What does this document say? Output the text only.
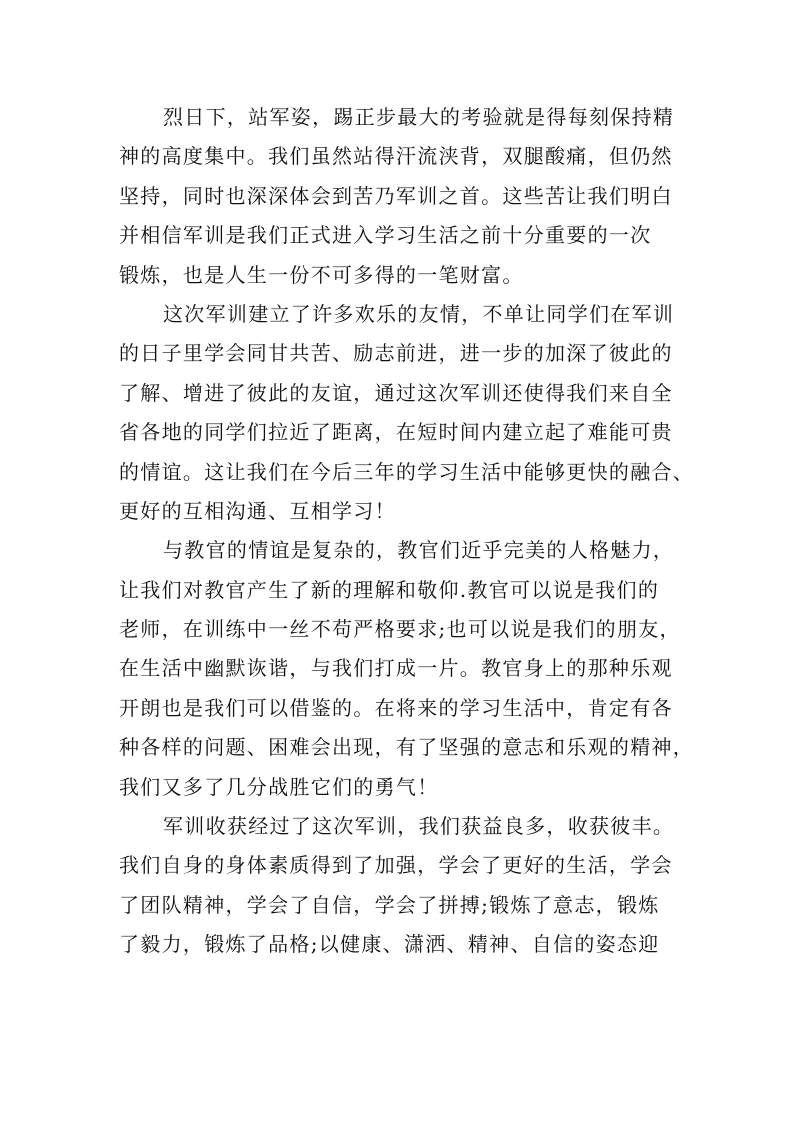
烈日下，站军姿，踢正步最大的考验就是得每刻保持精
神的高度集中。我们虽然站得汗流浃背，双腿酸痛，但仍然
坚持，同时也深深体会到苦乃军训之首。这些苦让我们明白
并相信军训是我们正式进入学习生活之前十分重要的一次
锻炼，也是人生一份不可多得的一笔财富。
这次军训建立了许多欢乐的友情，不单让同学们在军训
的日子里学会同甘共苦、励志前进，进一步的加深了彼此的
了解、增进了彼此的友谊，通过这次军训还使得我们来自全
省各地的同学们拉近了距离，在短时间内建立起了难能可贵
的情谊。这让我们在今后三年的学习生活中能够更快的融合、
更好的互相沟通、互相学习！
与教官的情谊是复杂的，教官们近乎完美的人格魅力，
让我们对教官产生了新的理解和敬仰.教官可以说是我们的
老师，在训练中一丝不苟严格要求;也可以说是我们的朋友，
在生活中幽默诙谐，与我们打成一片。教官身上的那种乐观
开朗也是我们可以借鉴的。在将来的学习生活中，肯定有各
种各样的问题、困难会出现，有了坚强的意志和乐观的精神，
我们又多了几分战胜它们的勇气！
军训收获经过了这次军训，我们获益良多，收获彼丰。
我们自身的身体素质得到了加强，学会了更好的生活，学会
了团队精神，学会了自信，学会了拼搏;锻炼了意志，锻炼
了毅力，锻炼了品格;以健康、潇洒、精神、自信的姿态迎
